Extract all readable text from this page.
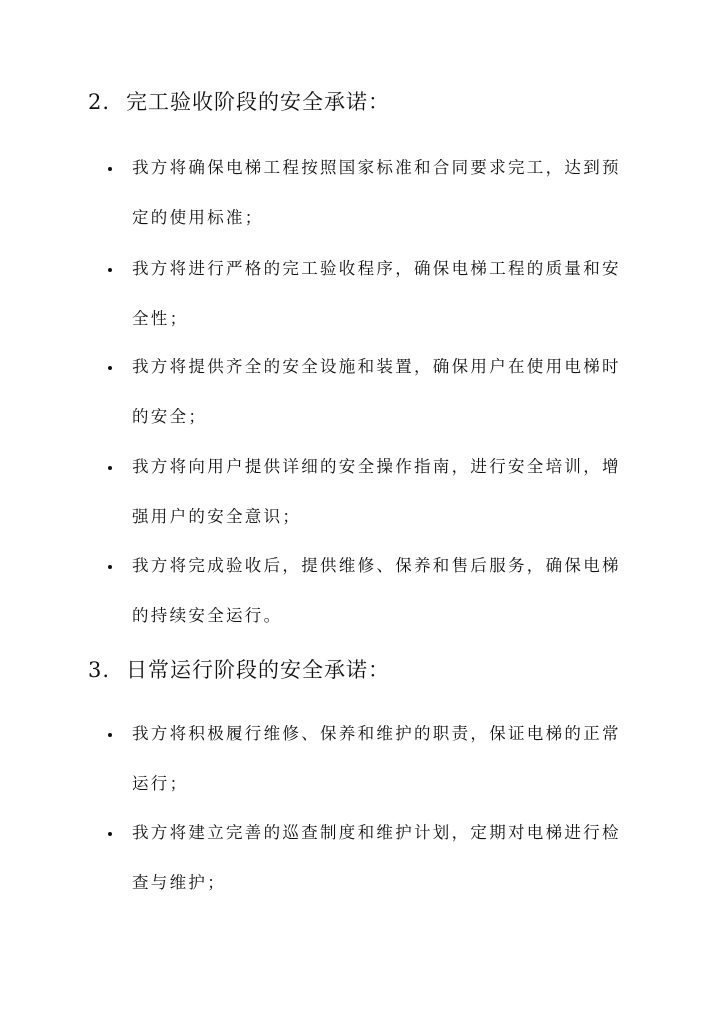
2. 完工验收阶段的安全承诺：
我方将确保电梯工程按照国家标准和合同要求完工，达到预定的使用标准；
我方将进行严格的完工验收程序，确保电梯工程的质量和安全性；
我方将提供齐全的安全设施和装置，确保用户在使用电梯时的安全；
我方将向用户提供详细的安全操作指南，进行安全培训，增强用户的安全意识；
我方将完成验收后，提供维修、保养和售后服务，确保电梯的持续安全运行。
3. 日常运行阶段的安全承诺：
我方将积极履行维修、保养和维护的职责，保证电梯的正常运行；
我方将建立完善的巡查制度和维护计划，定期对电梯进行检查与维护；
